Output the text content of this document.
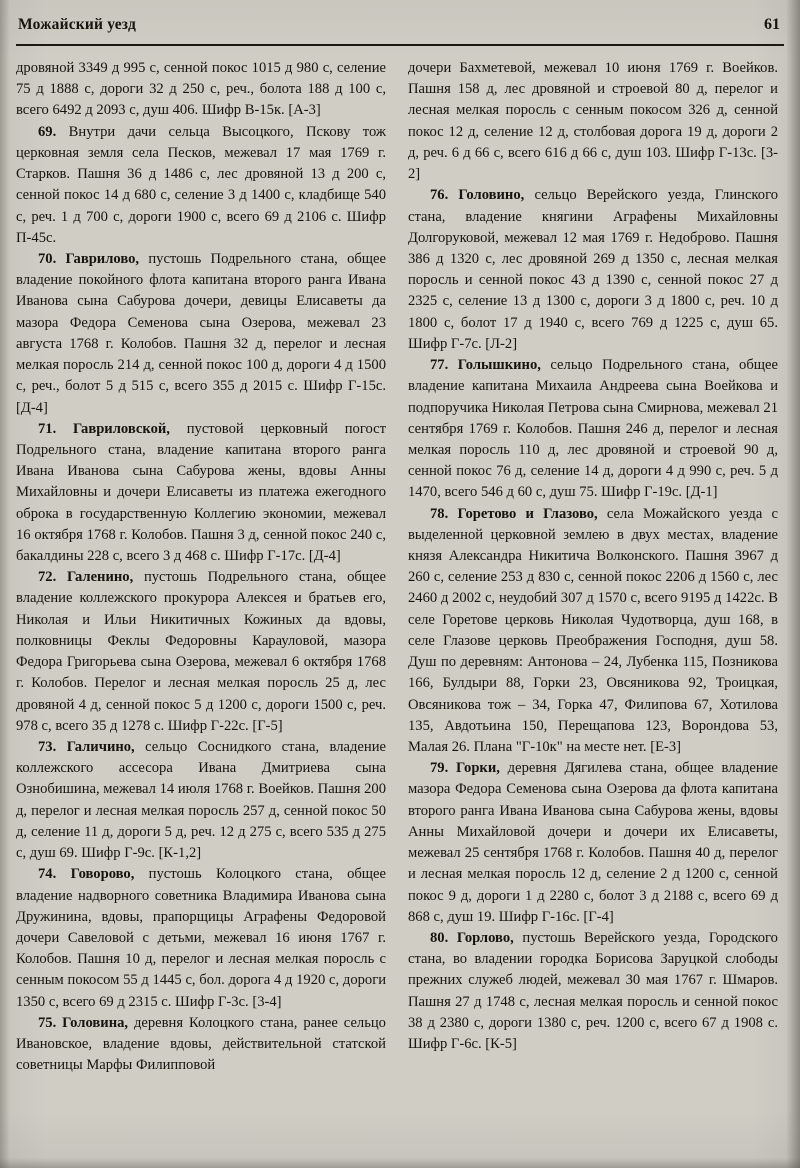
Можайский уезд	61

дровяной 3349 д 995 с, сенной покос 1015 д 980 с, селение 75 д 1888 с, дороги 32 д 250 с, реч., болота 188 д 100 с, всего 6492 д 2093 с, душ 406. Шифр В-15к. [А-3]

69. Внутри дачи сельца Высоцкого, Пскову тож церковная земля села Песков, межевал 17 мая 1769 г. Старков. Пашня 36 д 1486 с, лес дровяной 13 д 200 с, сенной покос 14 д 680 с, селение 3 д 1400 с, кладбище 540 с, реч. 1 д 700 с, дороги 1900 с, всего 69 д 2106 с. Шифр П-45с.

70. Гаврилово, пустошь Подрельного стана, общее владение покойного флота капитана второго ранга Ивана Иванова сына Сабурова дочери, девицы Елисаветы да мазора Федора Семенова сына Озерова, межевал 23 августа 1768 г. Колобов. Пашня 32 д, перелог и лесная мелкая поросль 214 д, сенной покос 100 д, дороги 4 д 1500 с, реч., болот 5 д 515 с, всего 355 д 2015 с. Шифр Г-15с. [Д-4]

71. Гавриловской, пустовой церковный погост Подрельного стана, владение капитана второго ранга Ивана Иванова сына Сабурова жены, вдовы Анны Михайловны и дочери Елисаветы из платежа ежегодного оброка в государственную Коллегию экономии, межевал 16 октября 1768 г. Колобов. Пашня 3 д, сенной покос 240 с, бакалдины 228 с, всего 3 д 468 с. Шифр Г-17с. [Д-4]

72. Галенино, пустошь Подрельного стана, общее владение коллежского прокурора Алексея и братьев его, Николая и Ильи Никитичных Кожиных да вдовы, полковницы Феклы Федоровны Карауловой, мазора Федора Григорьева сына Озерова, межевал 6 октября 1768 г. Колобов. Перелог и лесная мелкая поросль 25 д, лес дровяной 4 д, сенной покос 5 д 1200 с, дороги 1500 с, реч. 978 с, всего 35 д 1278 с. Шифр Г-22с. [Г-5]

73. Галичино, сельцо Соснидкого стана, владение коллежского ассесора Ивана Дмитриева сына Ознобишина, межевал 14 июля 1768 г. Воейков. Пашня 200 д, перелог и лесная мелкая поросль 257 д, сенной покос 50 д, селение 11 д, дороги 5 д, реч. 12 д 275 с, всего 535 д 275 с, душ 69. Шифр Г-9с. [К-1,2]

74. Говорово, пустошь Колоцкого стана, общее владение надворного советника Владимира Иванова сына Дружинина, вдовы, прапорщицы Аграфены Федоровой дочери Савеловой с детьми, межевал 16 июня 1767 г. Колобов. Пашня 10 д, перелог и лесная мелкая поросль с сенным покосом 55 д 1445 с, бол. дорога 4 д 1920 с, дороги 1350 с, всего 69 д 2315 с. Шифр Г-3с. [3-4]

75. Головина, деревня Колоцкого стана, ранее сельцо Ивановское, владение вдовы, действительной статской советницы Марфы Филипповой

дочери Бахметевой, межевал 10 июня 1769 г. Воейков. Пашня 158 д, лес дровяной и строевой 80 д, перелог и лесная мелкая поросль с сенным покосом 326 д, сенной покос 12 д, селение 12 д, столбовая дорога 19 д, дороги 2 д, реч. 6 д 66 с, всего 616 д 66 с, душ 103. Шифр Г-13с. [3-2]

76. Головино, сельцо Верейского уезда, Глинского стана, владение княгини Аграфены Михайловны Долгоруковой, межевал 12 мая 1769 г. Недоброво. Пашня 386 д 1320 с, лес дровяной 269 д 1350 с, лесная мелкая поросль и сенной покос 43 д 1390 с, сенной покос 27 д 2325 с, селение 13 д 1300 с, дороги 3 д 1800 с, реч. 10 д 1800 с, болот 17 д 1940 с, всего 769 д 1225 с, душ 65. Шифр Г-7с. [Л-2]

77. Голышкино, сельцо Подрельного стана, общее владение капитана Михаила Андреева сына Воейкова и подпоручика Николая Петрова сына Смирнова, межевал 21 сентября 1769 г. Колобов. Пашня 246 д, перелог и лесная мелкая поросль 110 д, лес дровяной и строевой 90 д, сенной покос 76 д, селение 14 д, дороги 4 д 990 с, реч. 5 д 1470, всего 546 д 60 с, душ 75. Шифр Г-19с. [Д-1]

78. Горетово и Глазово, села Можайского уезда с выделенной церковной землею в двух местах, владение князя Александра Никитича Волконского. Пашня 3967 д 260 с, селение 253 д 830 с, сенной покос 2206 д 1560 с, лес 2460 д 2002 с, неудобий 307 д 1570 с, всего 9195 д 1422с. В селе Горетове церковь Николая Чудотворца, душ 168, в селе Глазове церковь Преображения Господня, душ 58. Душ по деревням: Антонова – 24, Лубенка 115, Позникова 166, Булдыри 88, Горки 23, Овсяникова 92, Троицкая, Овсяникова тож – 34, Горка 47, Филипова 67, Хотилова 135, Авдотьина 150, Перещапова 123, Ворондова 53, Малая 26. Плана "Г-10к" на месте нет. [Е-3]

79. Горки, деревня Дягилева стана, общее владение мазора Федора Семенова сына Озерова да флота капитана второго ранга Ивана Иванова сына Сабурова жены, вдовы Анны Михайловой дочери и дочери их Елисаветы, межевал 25 сентября 1768 г. Колобов. Пашня 40 д, перелог и лесная мелкая поросль 12 д, селение 2 д 1200 с, сенной покос 9 д, дороги 1 д 2280 с, болот 3 д 2188 с, всего 69 д 868 с, душ 19. Шифр Г-16с. [Г-4]

80. Горлово, пустошь Верейского уезда, Городского стана, во владении городка Борисова Заруцкой слободы прежних служеб людей, межевал 30 мая 1767 г. Шмаров. Пашня 27 д 1748 с, лесная мелкая поросль и сенной покос 38 д 2380 с, дороги 1380 с, реч. 1200 с, всего 67 д 1908 с. Шифр Г-6с. [К-5]
